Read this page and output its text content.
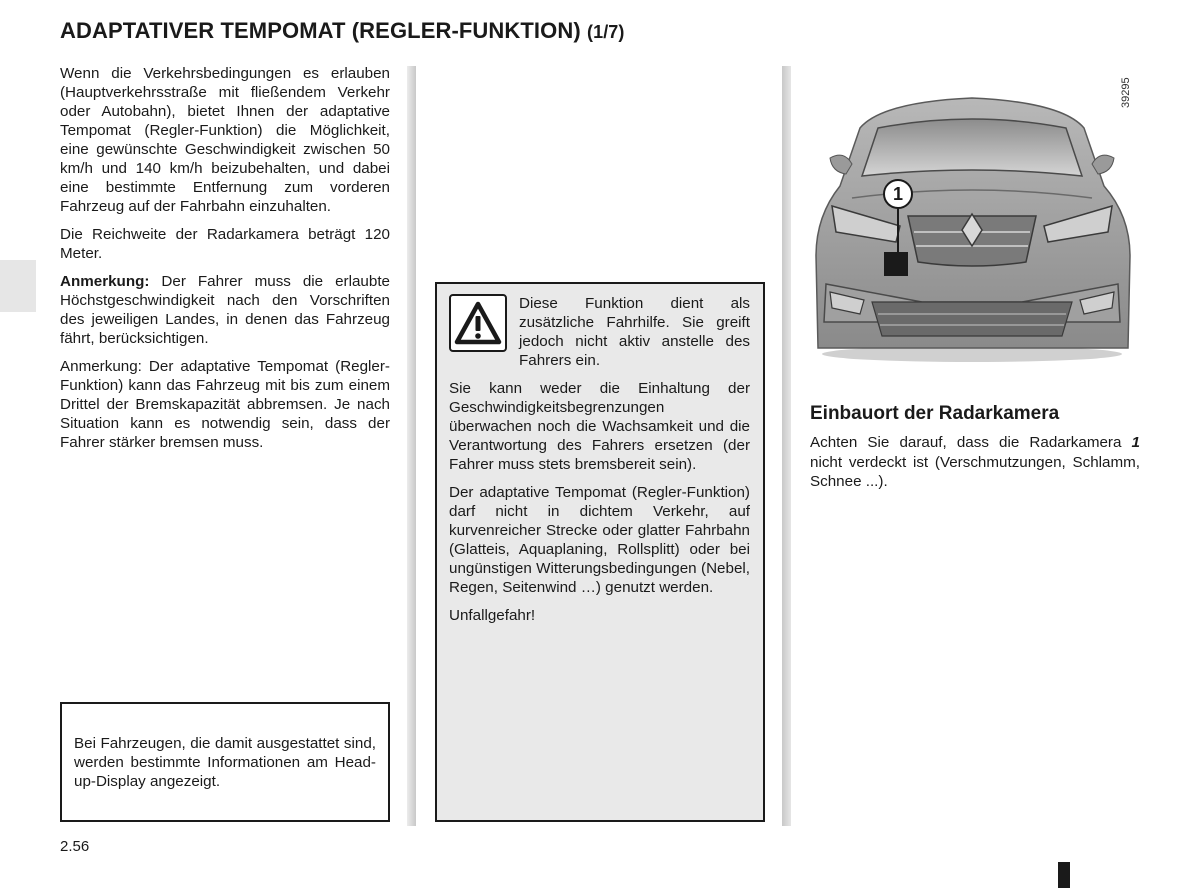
ADAPTATIVER TEMPOMAT (REGLER-FUNKTION) (1/7)

Wenn die Verkehrsbedingungen es erlauben (Hauptverkehrsstraße mit fließendem Verkehr oder Autobahn), bietet Ihnen der adaptative Tempomat (Regler-Funktion) die Möglichkeit, eine gewünschte Geschwindigkeit zwischen 50 km/h und 140 km/h beizubehalten, und dabei eine bestimmte Entfernung zum vorderen Fahrzeug auf der Fahrbahn einzuhalten.

Die Reichweite der Radarkamera beträgt 120 Meter.

Anmerkung: Der Fahrer muss die erlaubte Höchstgeschwindigkeit nach den Vorschriften des jeweiligen Landes, in denen das Fahrzeug fährt, berücksichtigen.

Anmerkung: Der adaptative Tempomat (Regler-Funktion) kann das Fahrzeug mit bis zum einem Drittel der Bremskapazität abbremsen. Je nach Situation kann es notwendig sein, dass der Fahrer stärker bremsen muss.

Bei Fahrzeugen, die damit ausgestattet sind, werden bestimmte Informationen am Head-up-Display angezeigt.

Diese Funktion dient als zusätzliche Fahrhilfe. Sie greift jedoch nicht aktiv anstelle des Fahrers ein.

Sie kann weder die Einhaltung der Geschwindigkeitsbegrenzungen überwachen noch die Wachsamkeit und die Verantwortung des Fahrers ersetzen (der Fahrer muss stets bremsbereit sein).

Der adaptative Tempomat (Regler-Funktion) darf nicht in dichtem Verkehr, auf kurvenreicher Strecke oder glatter Fahrbahn (Glatteis, Aquaplaning, Rollsplitt) oder bei ungünstigen Witterungsbedingungen (Nebel, Regen, Seitenwind …) genutzt werden.

Unfallgefahr!

1
39295
Einbauort der Radarkamera

Achten Sie darauf, dass die Radarkamera 1 nicht verdeckt ist (Verschmutzungen, Schlamm, Schnee ...).

2.56
